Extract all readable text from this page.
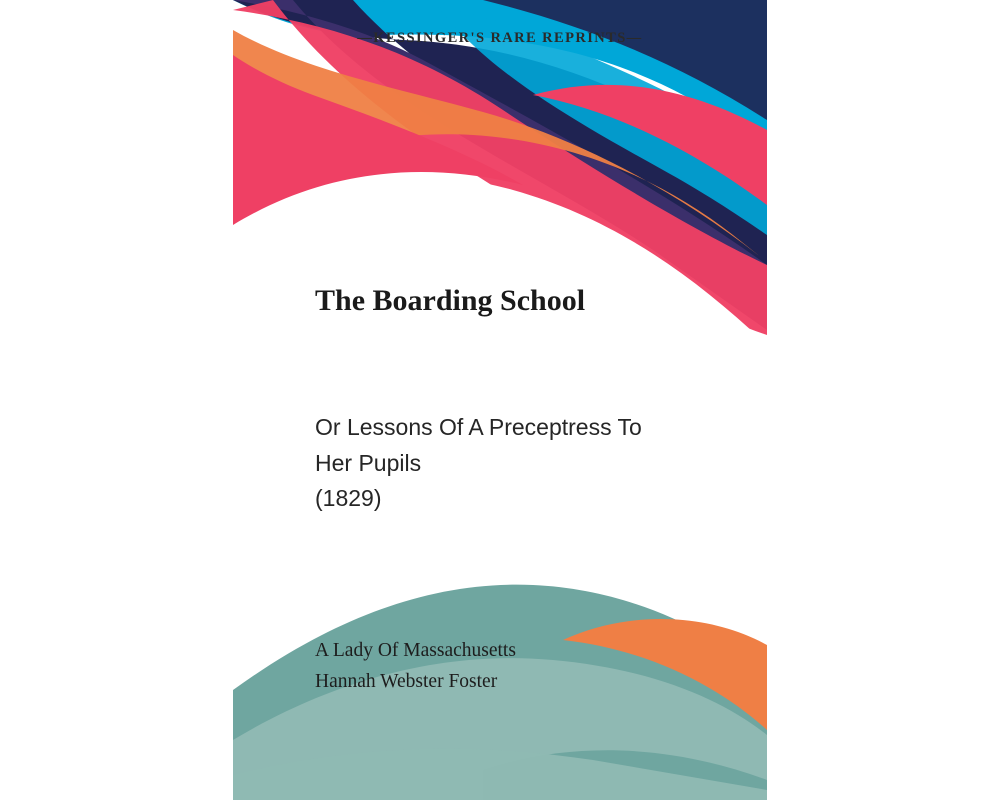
—KESSINGER'S RARE REPRINTS—
The Boarding School
Or Lessons Of A Preceptress To
Her Pupils
(1829)
A Lady Of Massachusetts
Hannah Webster Foster
